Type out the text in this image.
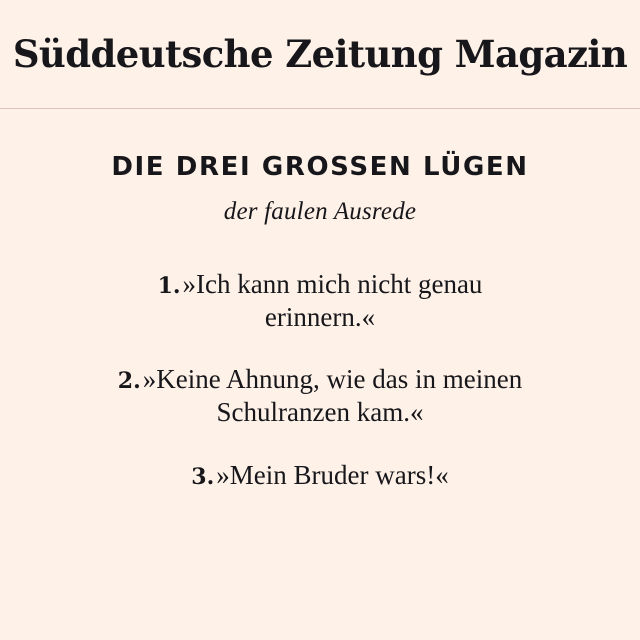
Süddeutsche Zeitung Magazin
DIE DREI GROSSEN LÜGEN
der faulen Ausrede
1.»Ich kann mich nicht genau erinnern.«
2.»Keine Ahnung, wie das in meinen Schulranzen kam.«
3.»Mein Bruder wars!«
